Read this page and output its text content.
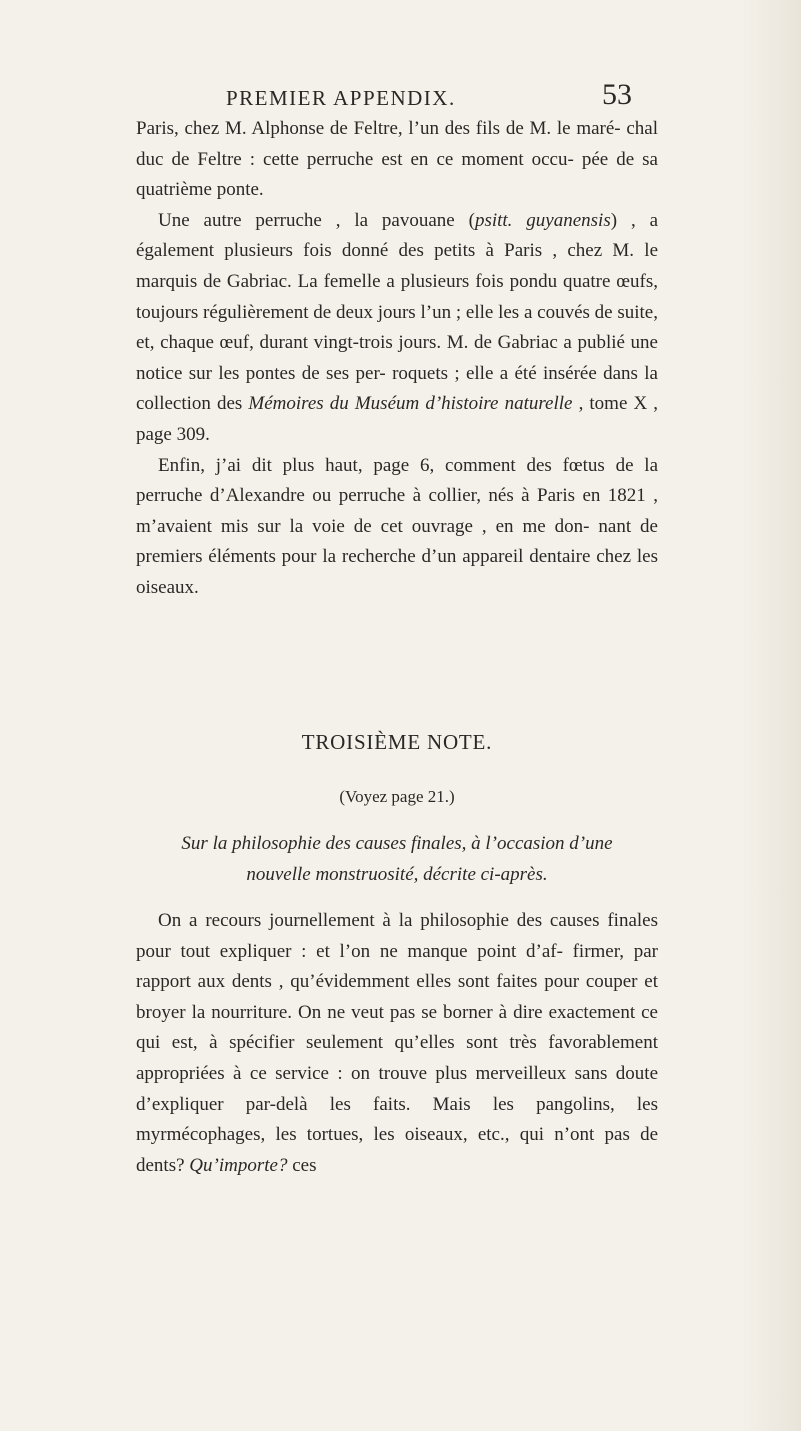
PREMIER APPENDIX.	53

Paris, chez M. Alphonse de Feltre, l’un des fils de M. le maré- chal duc de Feltre : cette perruche est en ce moment occu- pée de sa quatrième ponte.

Une autre perruche , la pavouane (psitt. guyanensis) , a également plusieurs fois donné des petits à Paris , chez M. le marquis de Gabriac. La femelle a plusieurs fois pondu quatre œufs, toujours régulièrement de deux jours l’un ; elle les a couvés de suite, et, chaque œuf, durant vingt-trois jours. M. de Gabriac a publié une notice sur les pontes de ses per- roquets ; elle a été insérée dans la collection des Mémoires du Muséum d’histoire naturelle , tome X , page 309.

Enfin, j’ai dit plus haut, page 6, comment des fœtus de la perruche d’Alexandre ou perruche à collier, nés à Paris en 1821 , m’avaient mis sur la voie de cet ouvrage , en me don- nant de premiers éléments pour la recherche d’un appareil dentaire chez les oiseaux.

TROISIÈME NOTE.
(Voyez page 21.)
Sur la philosophie des causes finales, à l’occasion d’une
nouvelle monstruosité, décrite ci-après.

On a recours journellement à la philosophie des causes finales pour tout expliquer : et l’on ne manque point d’af- firmer, par rapport aux dents , qu’évidemment elles sont faites pour couper et broyer la nourriture. On ne veut pas se borner à dire exactement ce qui est, à spécifier seulement qu’elles sont très favorablement appropriées à ce service : on trouve plus merveilleux sans doute d’expliquer par-delà les faits. Mais les pangolins, les myrmécophages, les tortues, les oiseaux, etc., qui n’ont pas de dents? Qu’importe? ces
